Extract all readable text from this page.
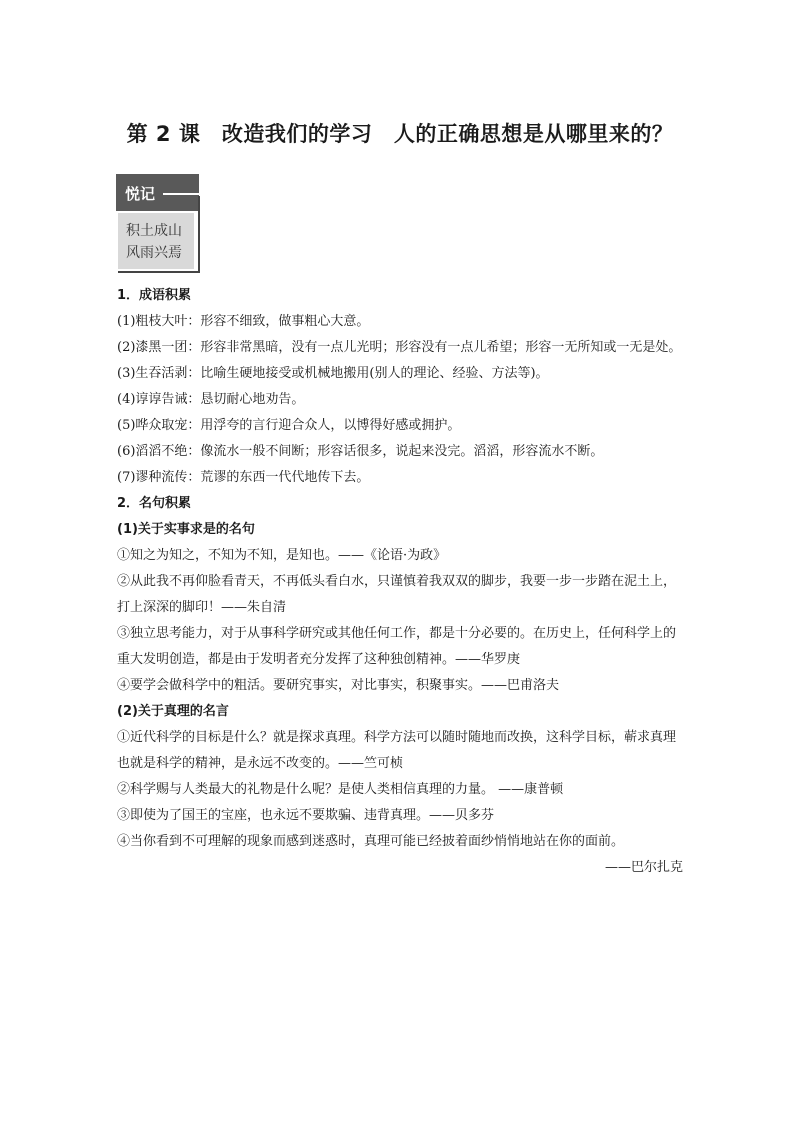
第 2 课　改造我们的学习　人的正确思想是从哪里来的？
悦记
积土成山
风雨兴焉

1．成语积累

(1)粗枝大叶：形容不细致，做事粗心大意。

(2)漆黑一团：形容非常黑暗，没有一点儿光明；形容没有一点儿希望；形容一无所知或一无是处。

(3)生吞活剥：比喻生硬地接受或机械地搬用(别人的理论、经验、方法等)。

(4)谆谆告诫：恳切耐心地劝告。

(5)哗众取宠：用浮夸的言行迎合众人，以博得好感或拥护。

(6)滔滔不绝：像流水一般不间断；形容话很多，说起来没完。滔滔，形容流水不断。

(7)谬种流传：荒谬的东西一代代地传下去。

2．名句积累

(1)关于实事求是的名句

①知之为知之，不知为不知，是知也。——《论语·为政》

②从此我不再仰脸看青天，不再低头看白水，只谨慎着我双双的脚步，我要一步一步踏在泥土上，打上深深的脚印！——朱自清

③独立思考能力，对于从事科学研究或其他任何工作，都是十分必要的。在历史上，任何科学上的重大发明创造，都是由于发明者充分发挥了这种独创精神。——华罗庚

④要学会做科学中的粗活。要研究事实，对比事实，积聚事实。——巴甫洛夫

(2)关于真理的名言

①近代科学的目标是什么？就是探求真理。科学方法可以随时随地而改换，这科学目标，蕲求真理也就是科学的精神，是永远不改变的。——竺可桢

②科学赐与人类最大的礼物是什么呢？是使人类相信真理的力量。 ——康普顿

③即使为了国王的宝座，也永远不要欺骗、违背真理。——贝多芬

④当你看到不可理解的现象而感到迷惑时，真理可能已经披着面纱悄悄地站在你的面前。

——巴尔扎克
